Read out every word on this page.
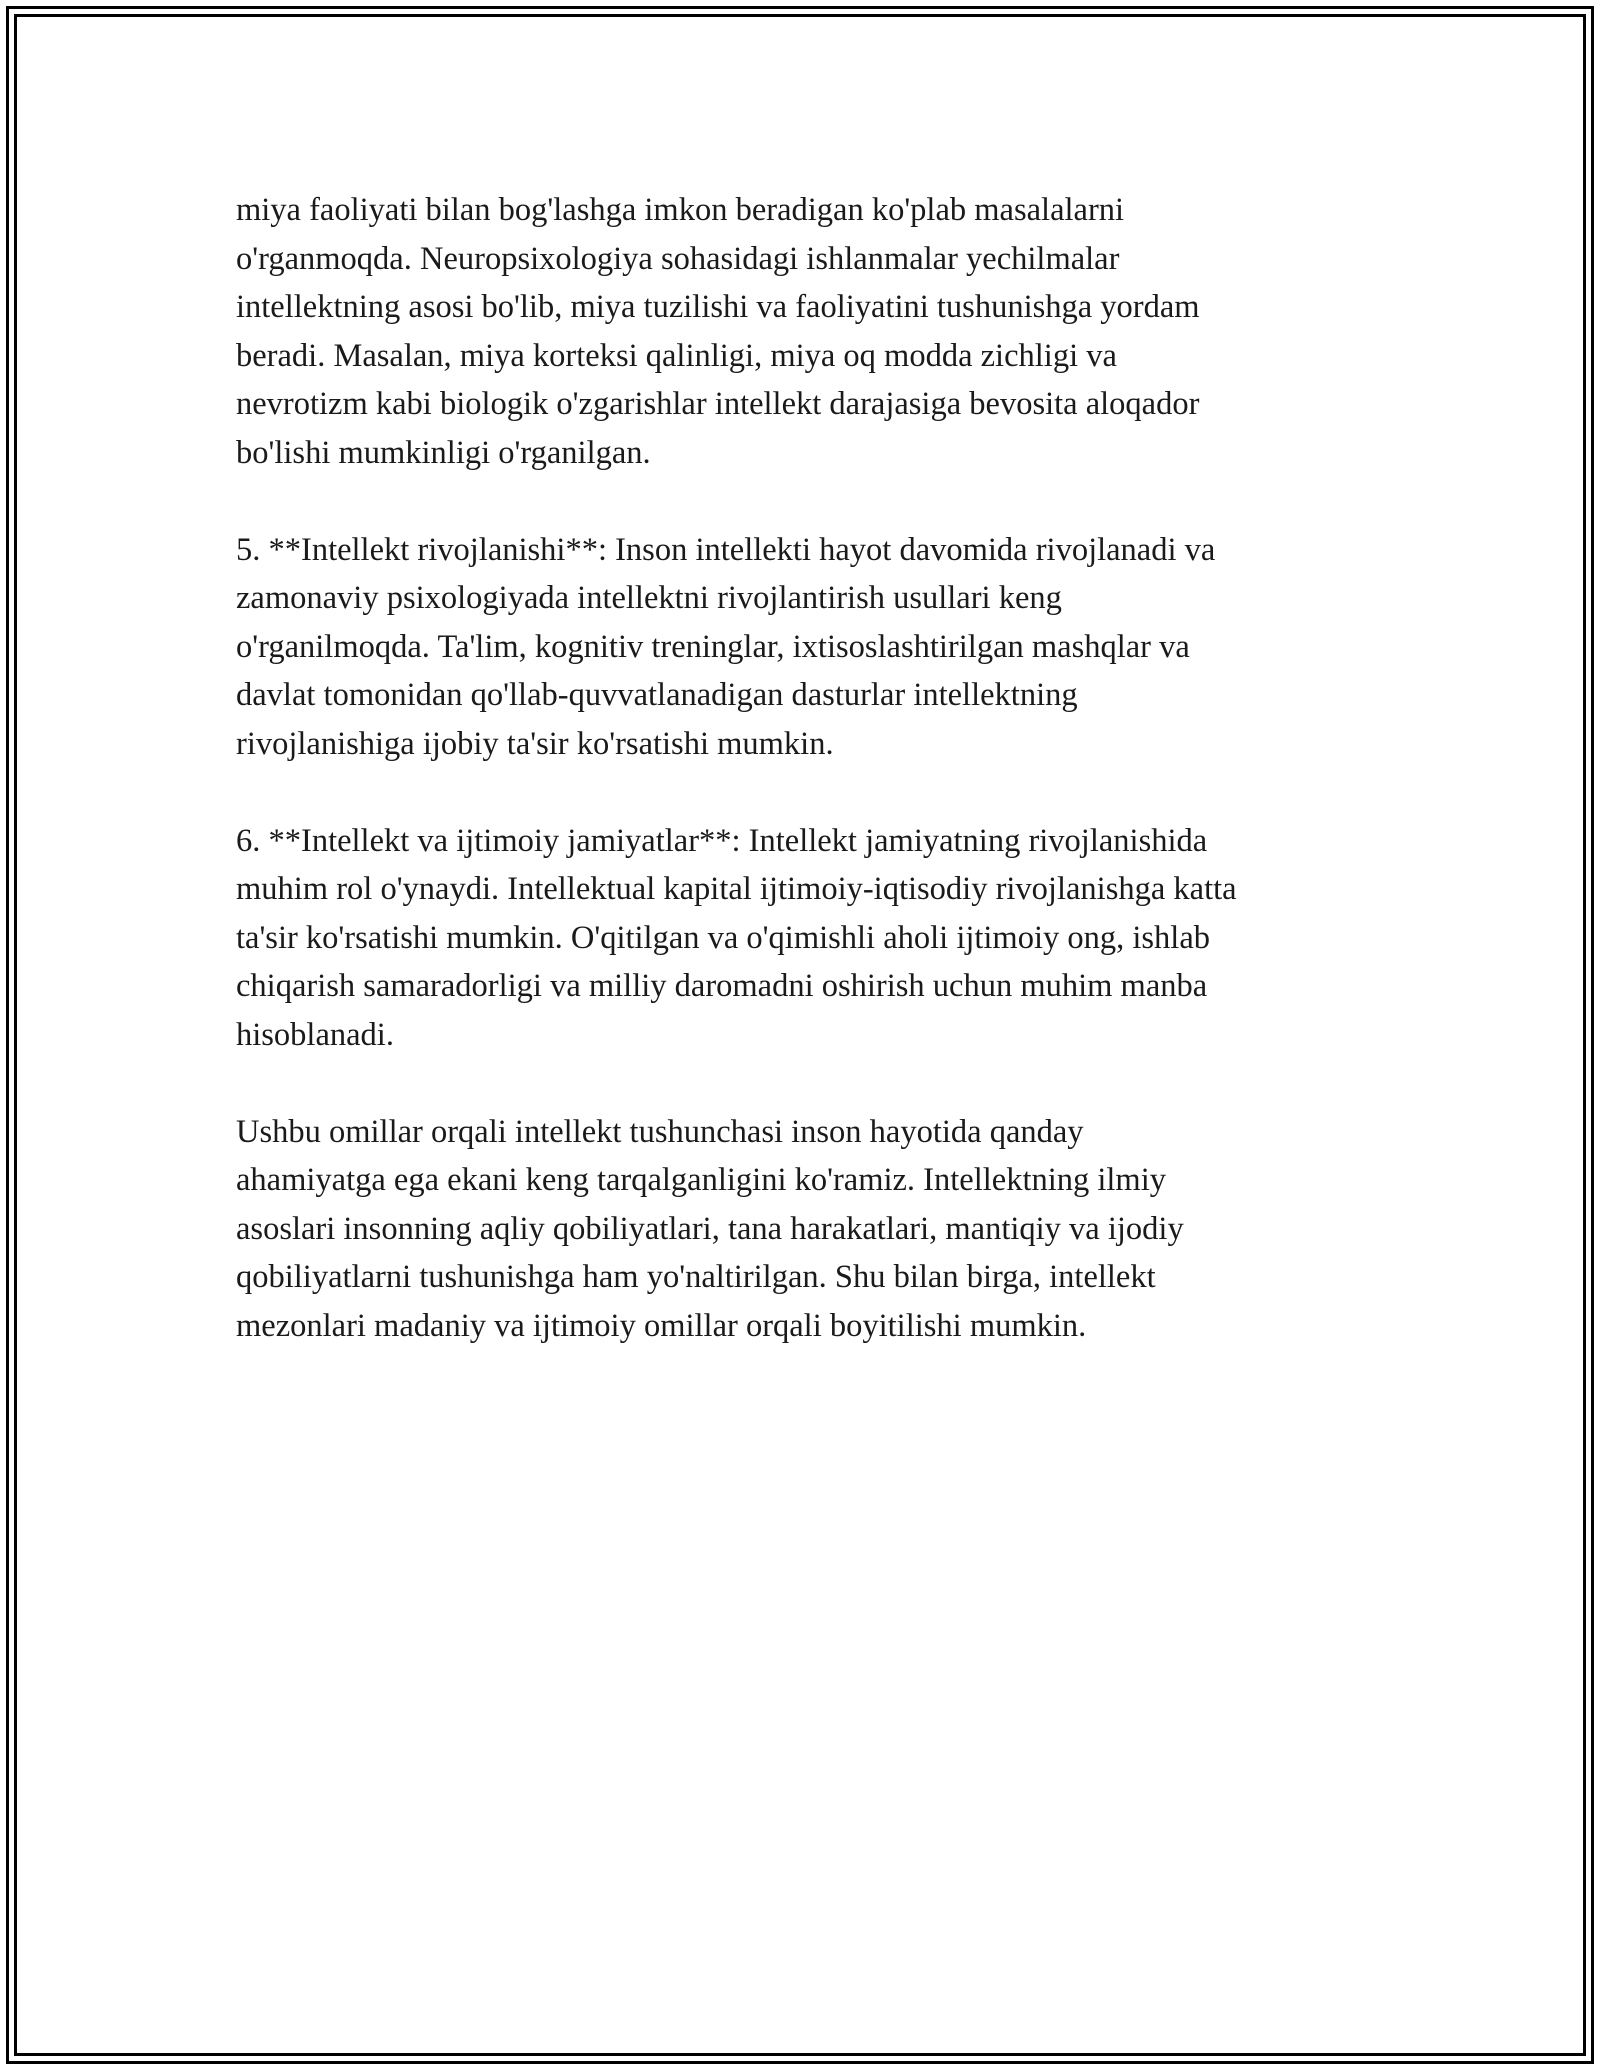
miya faoliyati bilan bog'lashga imkon beradigan ko'plab masalalarni
o'rganmoqda. Neuropsixologiya sohasidagi ishlanmalar yechilmalar
intellektning asosi bo'lib, miya tuzilishi va faoliyatini tushunishga yordam
beradi. Masalan, miya korteksi qalinligi, miya oq modda zichligi va
nevrotizm kabi biologik o'zgarishlar intellekt darajasiga bevosita aloqador
bo'lishi mumkinligi o'rganilgan.

5. **Intellekt rivojlanishi**: Inson intellekti hayot davomida rivojlanadi va
zamonaviy psixologiyada intellektni rivojlantirish usullari keng
o'rganilmoqda. Ta'lim, kognitiv treninglar, ixtisoslashtirilgan mashqlar va
davlat tomonidan qo'llab-quvvatlanadigan dasturlar intellektning
rivojlanishiga ijobiy ta'sir ko'rsatishi mumkin.

6. **Intellekt va ijtimoiy jamiyatlar**: Intellekt jamiyatning rivojlanishida
muhim rol o'ynaydi. Intellektual kapital ijtimoiy-iqtisodiy rivojlanishga katta
ta'sir ko'rsatishi mumkin. O'qitilgan va o'qimishli aholi ijtimoiy ong, ishlab
chiqarish samaradorligi va milliy daromadni oshirish uchun muhim manba
hisoblanadi.

Ushbu omillar orqali intellekt tushunchasi inson hayotida qanday
ahamiyatga ega ekani keng tarqalganligini ko'ramiz. Intellektning ilmiy
asoslari insonning aqliy qobiliyatlari, tana harakatlari, mantiqiy va ijodiy
qobiliyatlarni tushunishga ham yo'naltirilgan. Shu bilan birga, intellekt
mezonlari madaniy va ijtimoiy omillar orqali boyitilishi mumkin.
